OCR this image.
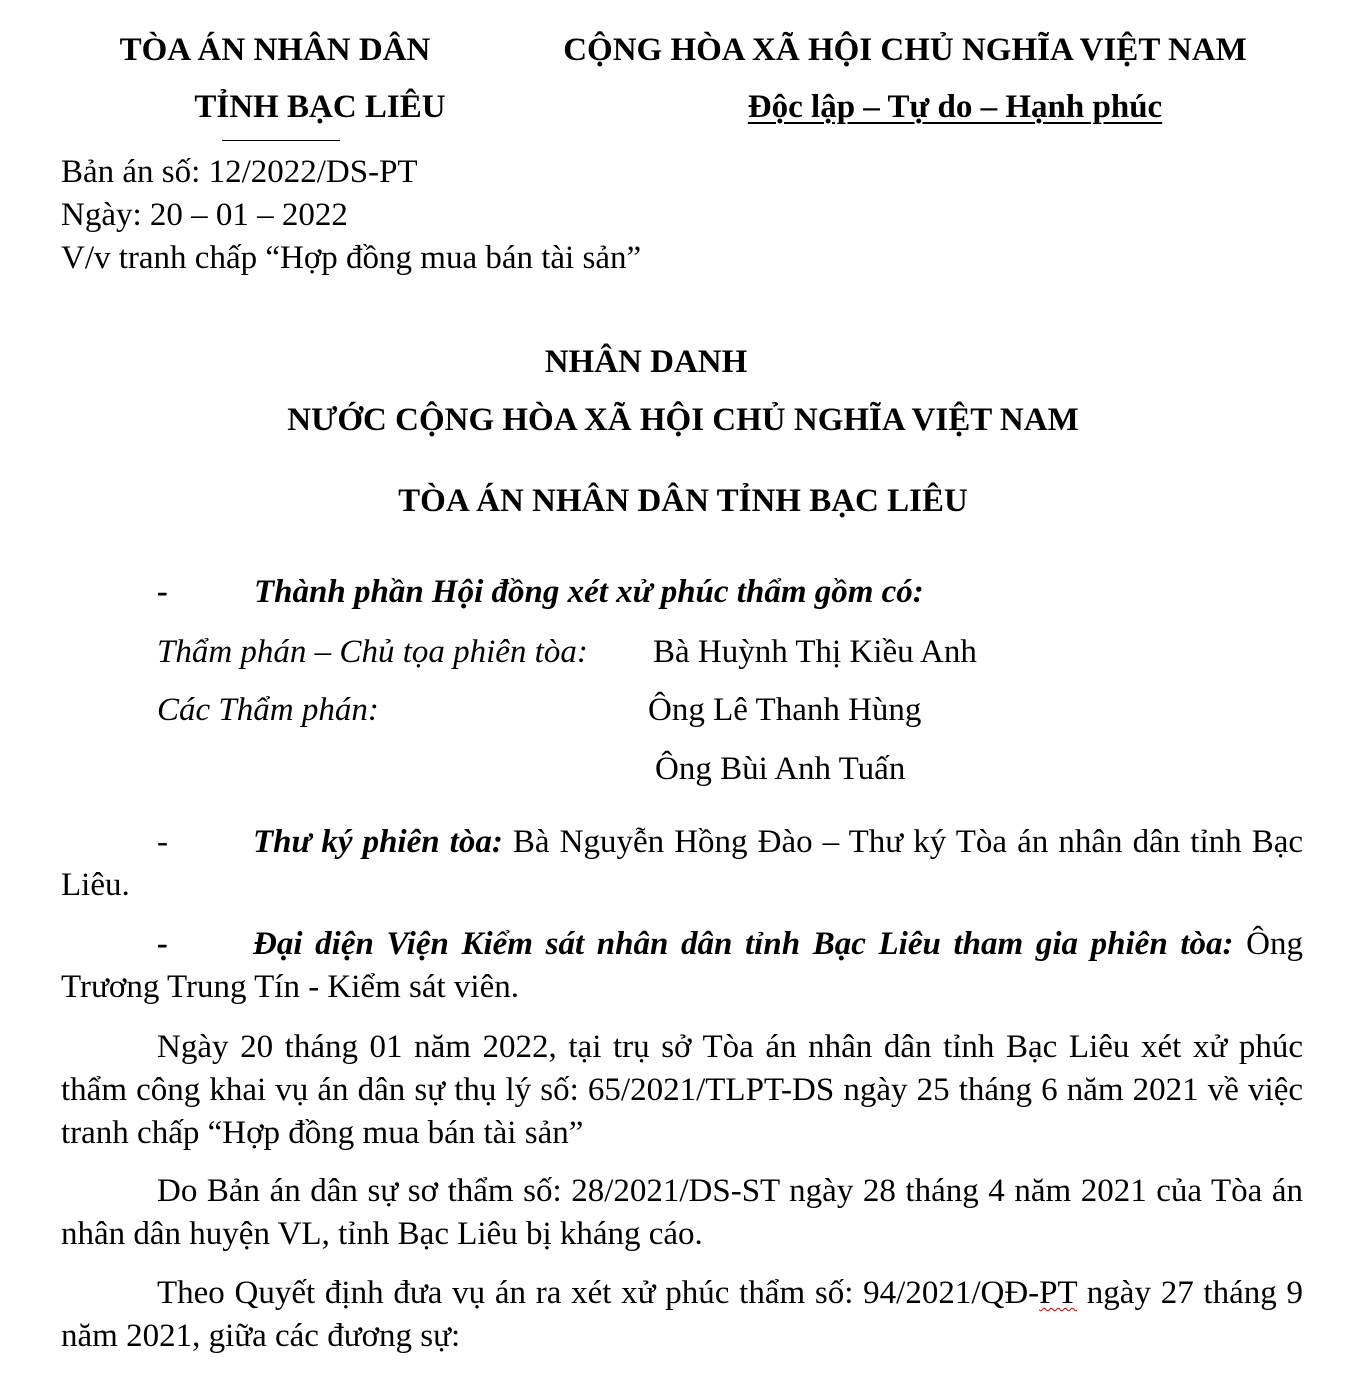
TÒA ÁN NHÂN DÂN
TỈNH BẠC LIÊU
CỘNG HÒA XÃ HỘI CHỦ NGHĨA VIỆT NAM
Độc lập – Tự do – Hạnh phúc
Bản án số: 12/2022/DS-PT
Ngày: 20 – 01 – 2022
V/v tranh chấp “Hợp đồng mua bán tài sản”
NHÂN DANH
NƯỚC CỘNG HÒA XÃ HỘI CHỦ NGHĨA VIỆT NAM
TÒA ÁN NHÂN DÂN TỈNH BẠC LIÊU
-	Thành phần Hội đồng xét xử phúc thẩm gồm có:
Thẩm phán – Chủ tọa phiên tòa: Bà Huỳnh Thị Kiều Anh
Các Thẩm phán:	Ông Lê Thanh Hùng
Ông Bùi Anh Tuấn
-	Thư ký phiên tòa: Bà Nguyễn Hồng Đào – Thư ký Tòa án nhân dân tỉnh Bạc Liêu.
-	Đại diện Viện Kiểm sát nhân dân tỉnh Bạc Liêu tham gia phiên tòa: Ông Trương Trung Tín - Kiểm sát viên.
Ngày 20 tháng 01 năm 2022, tại trụ sở Tòa án nhân dân tỉnh Bạc Liêu xét xử phúc thẩm công khai vụ án dân sự thụ lý số: 65/2021/TLPT-DS ngày 25 tháng 6 năm 2021 về việc tranh chấp “Hợp đồng mua bán tài sản”
Do Bản án dân sự sơ thẩm số: 28/2021/DS-ST ngày 28 tháng 4 năm 2021 của Tòa án nhân dân huyện VL, tỉnh Bạc Liêu bị kháng cáo.
Theo Quyết định đưa vụ án ra xét xử phúc thẩm số: 94/2021/QĐ-PT ngày 27 tháng 9 năm 2021, giữa các đương sự:
